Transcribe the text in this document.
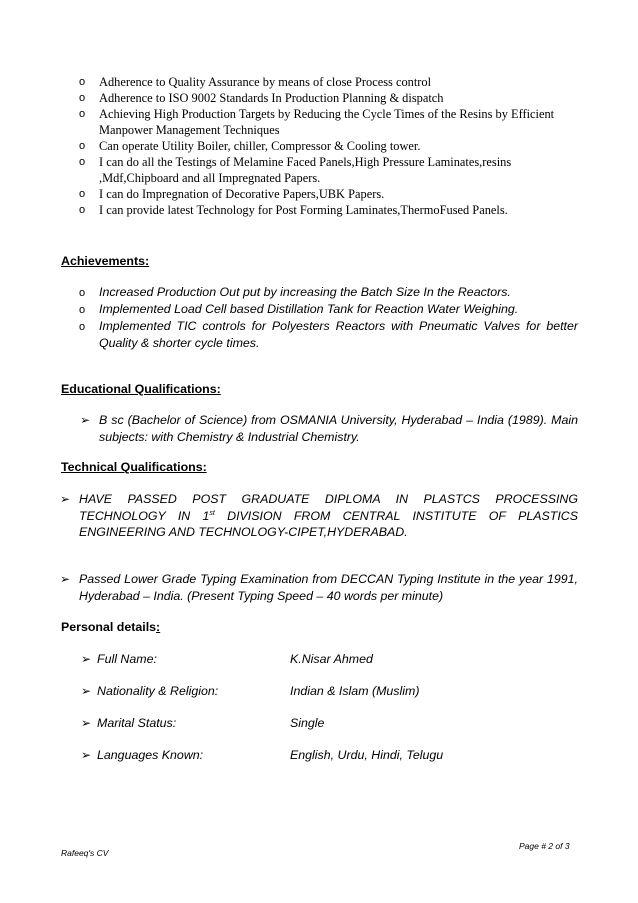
o Adherence to Quality Assurance by means of close Process control
o Adherence to ISO 9002 Standards In Production Planning & dispatch
o Achieving High Production Targets by Reducing the Cycle Times of the Resins by Efficient Manpower Management Techniques
o Can operate Utility Boiler, chiller, Compressor & Cooling tower.
o I can do all the Testings of Melamine Faced Panels,High Pressure Laminates,resins ,Mdf,Chipboard and all Impregnated Papers.
o I can do Impregnation of Decorative Papers,UBK Papers.
o I can provide latest Technology for Post Forming Laminates,ThermoFused Panels.
Achievements:
o Increased Production Out put by increasing the Batch Size In the Reactors.
o Implemented Load Cell based Distillation Tank for Reaction Water Weighing.
o Implemented TIC controls for Polyesters Reactors with Pneumatic Valves for better Quality & shorter cycle times.
Educational Qualifications:
➢ B sc (Bachelor of Science) from OSMANIA University, Hyderabad – India (1989). Main subjects: with Chemistry & Industrial Chemistry.
Technical Qualifications:
➢ HAVE PASSED POST GRADUATE DIPLOMA IN PLASTCS PROCESSING TECHNOLOGY IN 1st DIVISION FROM CENTRAL INSTITUTE OF PLASTICS ENGINEERING AND TECHNOLOGY-CIPET,HYDERABAD.
➢ Passed Lower Grade Typing Examination from DECCAN Typing Institute in the year 1991, Hyderabad – India. (Present Typing Speed – 40 words per minute)
Personal details:
➢ Full Name:	K.Nisar Ahmed
➢ Nationality & Religion:	Indian & Islam (Muslim)
➢ Marital Status:	Single
➢ Languages Known:	English, Urdu, Hindi, Telugu
Rafeeq's CV
Page # 2 of 3
